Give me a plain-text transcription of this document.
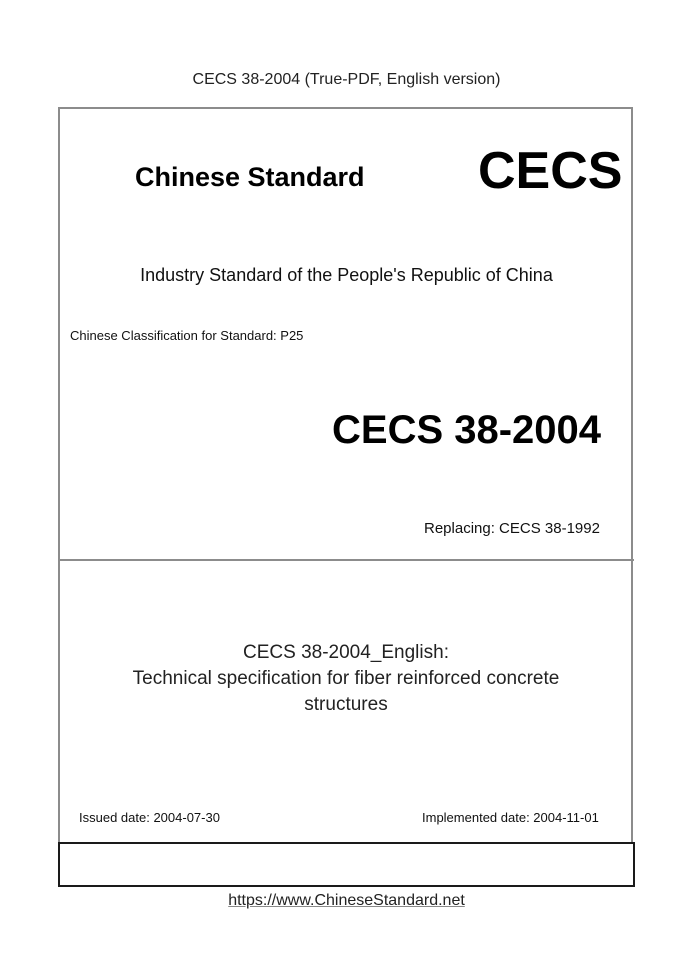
CECS 38-2004 (True-PDF, English version)
Chinese Standard CECS
Industry Standard of the People's Republic of China
Chinese Classification for Standard: P25
CECS 38-2004
Replacing: CECS 38-1992
CECS 38-2004_English:
Technical specification for fiber reinforced concrete
structures
Issued date: 2004-07-30	Implemented date: 2004-11-01
https://www.ChineseStandard.net
